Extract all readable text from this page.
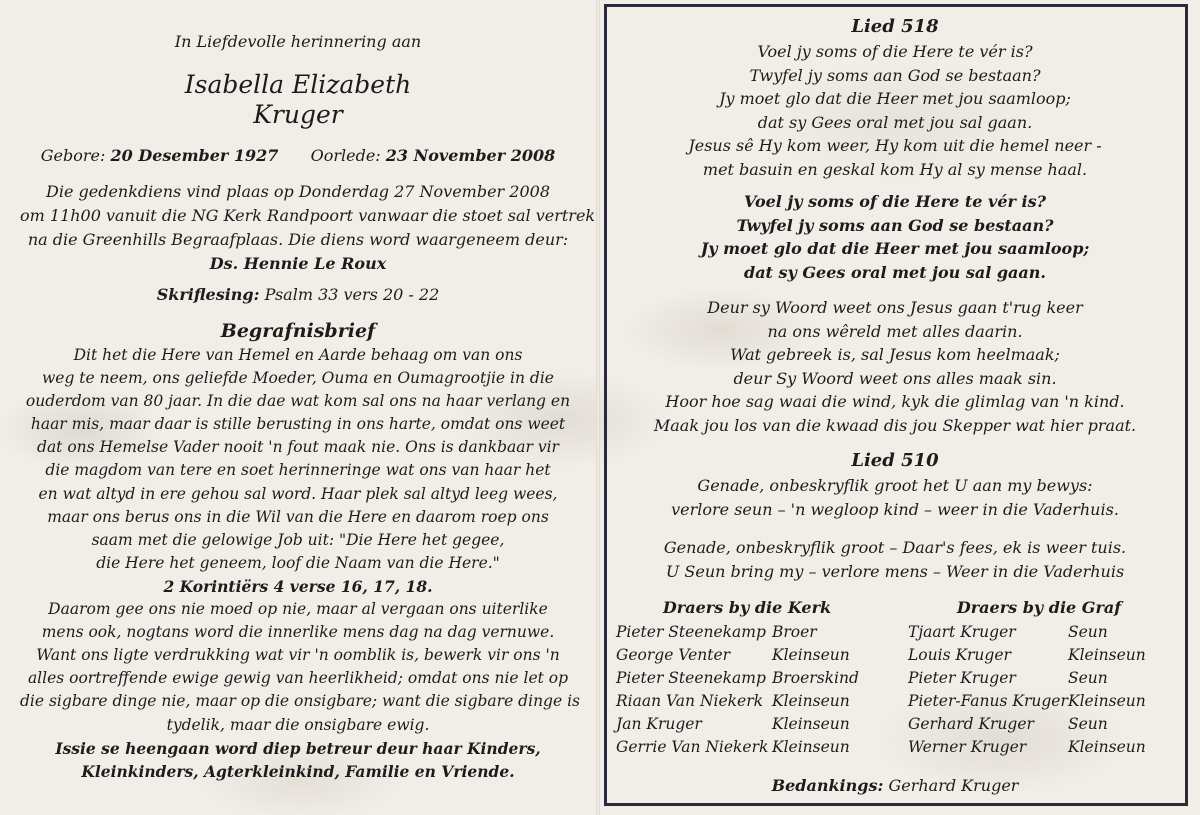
In Liefdevolle herinnering aan
Isabella Elizabeth
Kruger
Gebore: 20 Desember 1927 Oorlede: 23 November 2008
Die gedenkdiens vind plaas op Donderdag 27 November 2008
om 11h00 vanuit die NG Kerk Randpoort vanwaar die stoet sal vertrek
na die Greenhills Begraafplaas. Die diens word waargeneem deur:
Ds. Hennie Le Roux
Skriflesing: Psalm 33 vers 20 - 22
Begrafnisbrief
Dit het die Here van Hemel en Aarde behaag om van ons
weg te neem, ons geliefde Moeder, Ouma en Oumagrootjie in die
ouderdom van 80 jaar. In die dae wat kom sal ons na haar verlang en
haar mis, maar daar is stille berusting in ons harte, omdat ons weet
dat ons Hemelse Vader nooit 'n fout maak nie. Ons is dankbaar vir
die magdom van tere en soet herinneringe wat ons van haar het
en wat altyd in ere gehou sal word. Haar plek sal altyd leeg wees,
maar ons berus ons in die Wil van die Here en daarom roep ons
saam met die gelowige Job uit: "Die Here het gegee,
die Here het geneem, loof die Naam van die Here."
2 Korintiërs 4 verse 16, 17, 18.
Daarom gee ons nie moed op nie, maar al vergaan ons uiterlike
mens ook, nogtans word die innerlike mens dag na dag vernuwe.
Want ons ligte verdrukking wat vir 'n oomblik is, bewerk vir ons 'n
alles oortreffende ewige gewig van heerlikheid; omdat ons nie let op
die sigbare dinge nie, maar op die onsigbare; want die sigbare dinge is
tydelik, maar die onsigbare ewig.
Issie se heengaan word diep betreur deur haar Kinders,
Kleinkinders, Agterkleinkind, Familie en Vriende.
Lied 518
Voel jy soms of die Here te vér is?
Twyfel jy soms aan God se bestaan?
Jy moet glo dat die Heer met jou saamloop;
dat sy Gees oral met jou sal gaan.
Jesus sê Hy kom weer, Hy kom uit die hemel neer -
met basuin en geskal kom Hy al sy mense haal.
Voel jy soms of die Here te vér is?
Twyfel jy soms aan God se bestaan?
Jy moet glo dat die Heer met jou saamloop;
dat sy Gees oral met jou sal gaan.
Deur sy Woord weet ons Jesus gaan t'rug keer
na ons wêreld met alles daarin.
Wat gebreek is, sal Jesus kom heelmaak;
deur Sy Woord weet ons alles maak sin.
Hoor hoe sag waai die wind, kyk die glimlag van 'n kind.
Maak jou los van die kwaad dis jou Skepper wat hier praat.
Lied 510
Genade, onbeskryflik groot het U aan my bewys:
verlore seun – 'n wegloop kind – weer in die Vaderhuis.
Genade, onbeskryflik groot – Daar's fees, ek is weer tuis.
U Seun bring my – verlore mens – Weer in die Vaderhuis
Draers by die Kerk
Pieter Steenekamp Broer
George Venter	Kleinseun
Pieter Steenekamp Broerskind
Riaan Van Niekerk Kleinseun
Jan Kruger	Kleinseun
Gerrie Van Niekerk Kleinseun
Draers by die Graf
Tjaart Kruger	Seun
Louis Kruger	Kleinseun
Pieter Kruger	Seun
Pieter-Fanus Kruger Kleinseun
Gerhard Kruger	Seun
Werner Kruger	Kleinseun
Bedankings: Gerhard Kruger
